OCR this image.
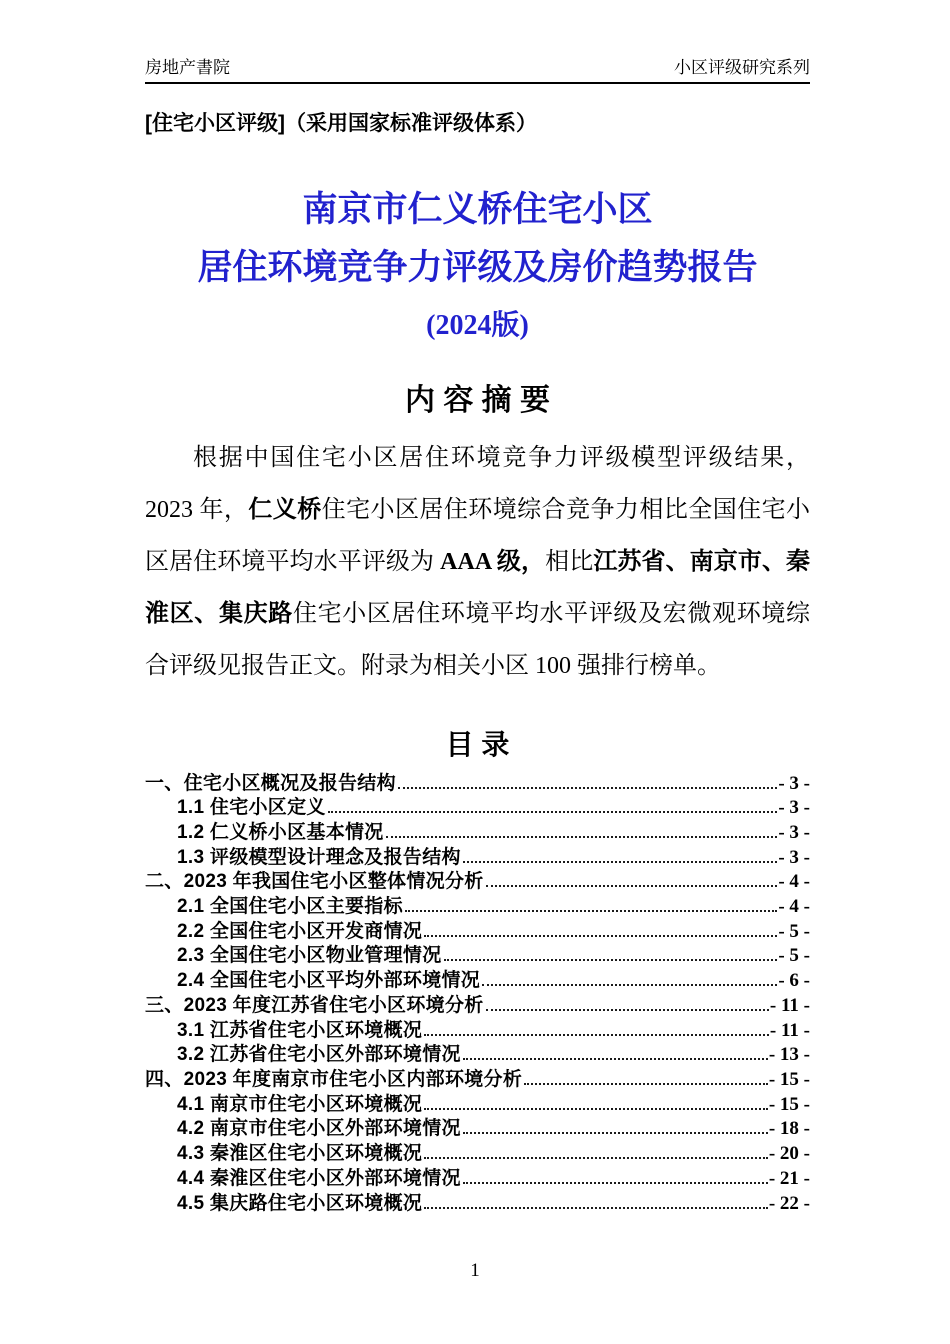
房地产書院	小区评级研究系列
[住宅小区评级]（采用国家标准评级体系）
南京市仁义桥住宅小区
居住环境竞争力评级及房价趋势报告
(2024版)
内 容 摘 要
根据中国住宅小区居住环境竞争力评级模型评级结果，
2023 年，仁义桥住宅小区居住环境综合竞争力相比全国住宅小
区居住环境平均水平评级为 AAA 级，相比江苏省、南京市、秦
淮区、集庆路住宅小区居住环境平均水平评级及宏微观环境综
合评级见报告正文。附录为相关小区 100 强排行榜单。
目 录
一、住宅小区概况及报告结构	- 3 -
1.1 住宅小区定义	- 3 -
1.2 仁义桥小区基本情况	- 3 -
1.3 评级模型设计理念及报告结构	- 3 -
二、2023 年我国住宅小区整体情况分析	- 4 -
2.1 全国住宅小区主要指标	- 4 -
2.2 全国住宅小区开发商情况	- 5 -
2.3 全国住宅小区物业管理情况	- 5 -
2.4 全国住宅小区平均外部环境情况	- 6 -
三、2023 年度江苏省住宅小区环境分析	- 11 -
3.1 江苏省住宅小区环境概况	- 11 -
3.2 江苏省住宅小区外部环境情况	- 13 -
四、2023 年度南京市住宅小区内部环境分析	- 15 -
4.1 南京市住宅小区环境概况	- 15 -
4.2 南京市住宅小区外部环境情况	- 18 -
4.3 秦淮区住宅小区环境概况	- 20 -
4.4 秦淮区住宅小区外部环境情况	- 21 -
4.5 集庆路住宅小区环境概况	- 22 -
1
